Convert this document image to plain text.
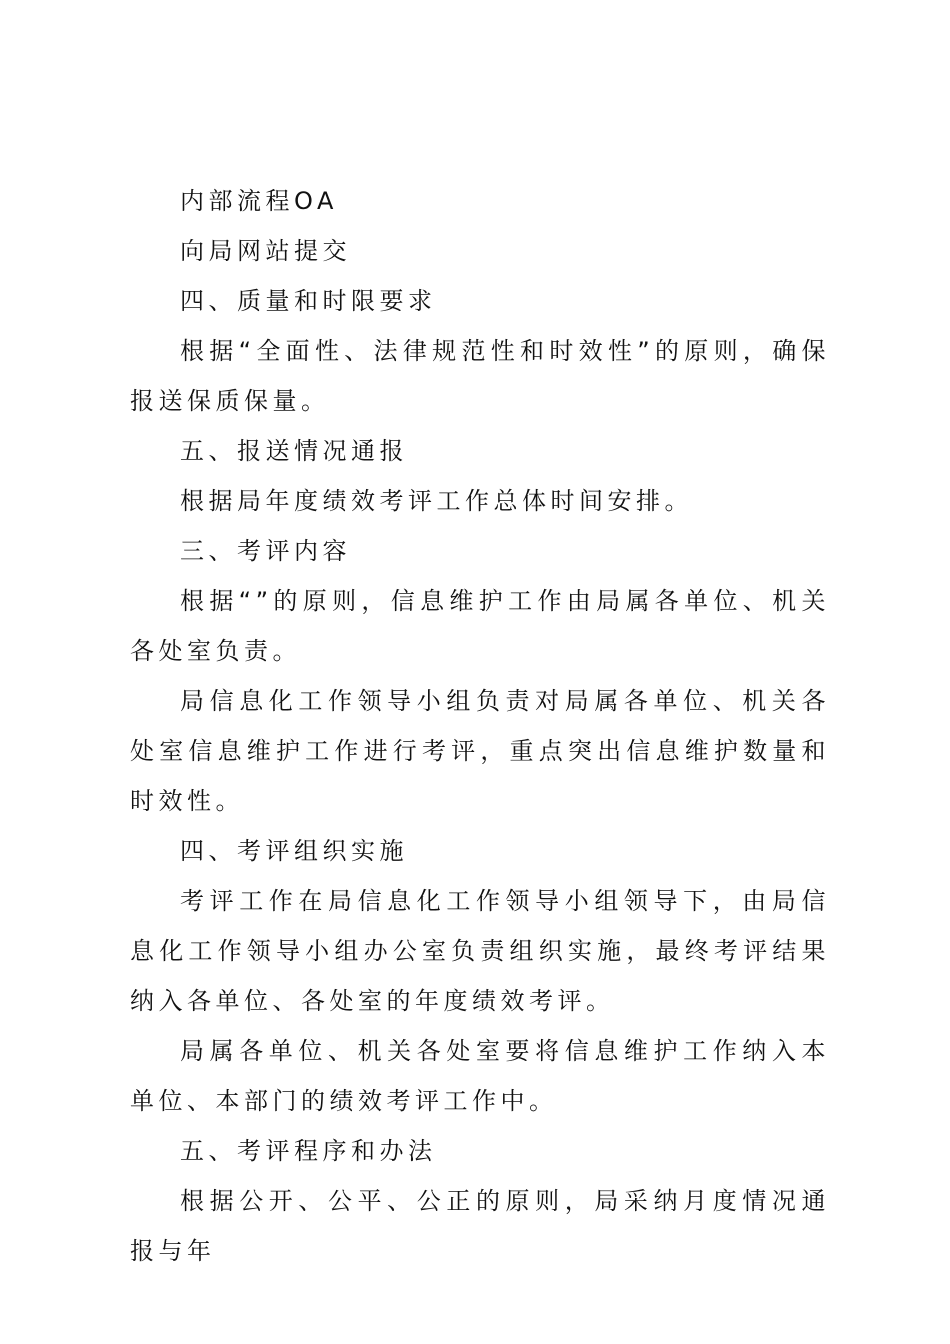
内部流程OA

向局网站提交

四、质量和时限要求

根据“全面性、法律规范性和时效性”的原则，确保报送保质保量。

五、报送情况通报

根据局年度绩效考评工作总体时间安排。

三、考评内容

根据“”的原则，信息维护工作由局属各单位、机关各处室负责。

局信息化工作领导小组负责对局属各单位、机关各处室信息维护工作进行考评，重点突出信息维护数量和时效性。

四、考评组织实施

考评工作在局信息化工作领导小组领导下，由局信息化工作领导小组办公室负责组织实施，最终考评结果纳入各单位、各处室的年度绩效考评。

局属各单位、机关各处室要将信息维护工作纳入本单位、本部门的绩效考评工作中。

五、考评程序和办法

根据公开、公平、公正的原则，局采纳月度情况通报与年
